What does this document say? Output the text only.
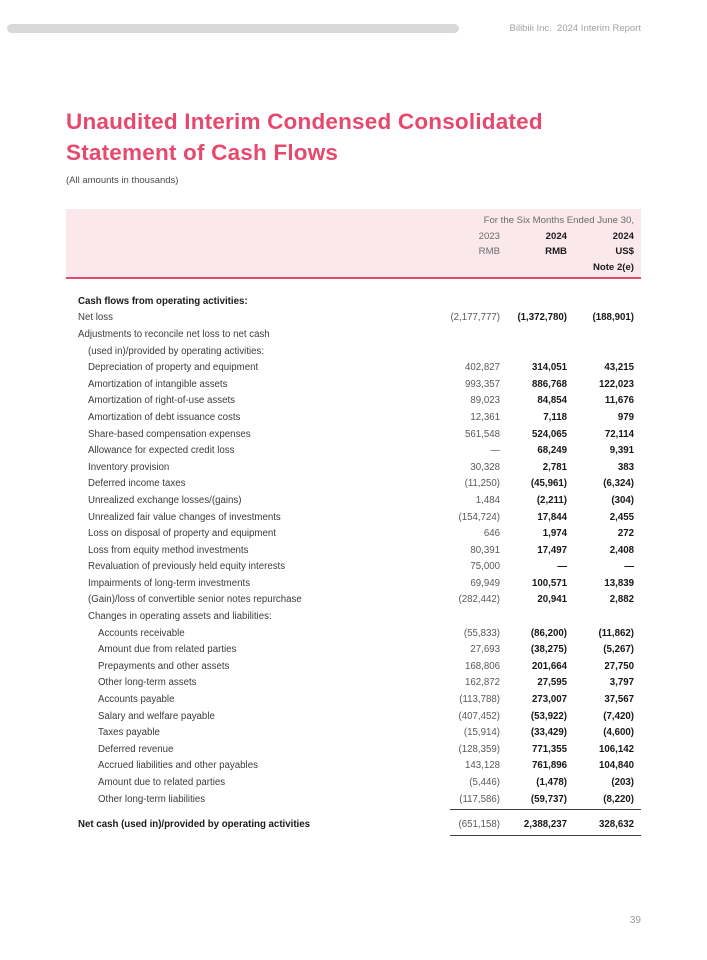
Bilibili Inc.  2024 Interim Report
Unaudited Interim Condensed Consolidated Statement of Cash Flows
(All amounts in thousands)
For the Six Months Ended June 30,
2023	2024	2024
RMB	RMB	US$
Note 2(e)
Cash flows from operating activities:
Net loss	(2,177,777)	(1,372,780)	(188,901)
Adjustments to reconcile net loss to net cash
(used in)/provided by operating activities:
Depreciation of property and equipment	402,827	314,051	43,215
Amortization of intangible assets	993,357	886,768	122,023
Amortization of right-of-use assets	89,023	84,854	11,676
Amortization of debt issuance costs	12,361	7,118	979
Share-based compensation expenses	561,548	524,065	72,114
Allowance for expected credit loss	—	68,249	9,391
Inventory provision	30,328	2,781	383
Deferred income taxes	(11,250)	(45,961)	(6,324)
Unrealized exchange losses/(gains)	1,484	(2,211)	(304)
Unrealized fair value changes of investments	(154,724)	17,844	2,455
Loss on disposal of property and equipment	646	1,974	272
Loss from equity method investments	80,391	17,497	2,408
Revaluation of previously held equity interests	75,000	—	—
Impairments of long-term investments	69,949	100,571	13,839
(Gain)/loss of convertible senior notes repurchase	(282,442)	20,941	2,882
Changes in operating assets and liabilities:
Accounts receivable	(55,833)	(86,200)	(11,862)
Amount due from related parties	27,693	(38,275)	(5,267)
Prepayments and other assets	168,806	201,664	27,750
Other long-term assets	162,872	27,595	3,797
Accounts payable	(113,788)	273,007	37,567
Salary and welfare payable	(407,452)	(53,922)	(7,420)
Taxes payable	(15,914)	(33,429)	(4,600)
Deferred revenue	(128,359)	771,355	106,142
Accrued liabilities and other payables	143,128	761,896	104,840
Amount due to related parties	(5,446)	(1,478)	(203)
Other long-term liabilities	(117,586)	(59,737)	(8,220)
Net cash (used in)/provided by operating activities	(651,158)	2,388,237	328,632
39
